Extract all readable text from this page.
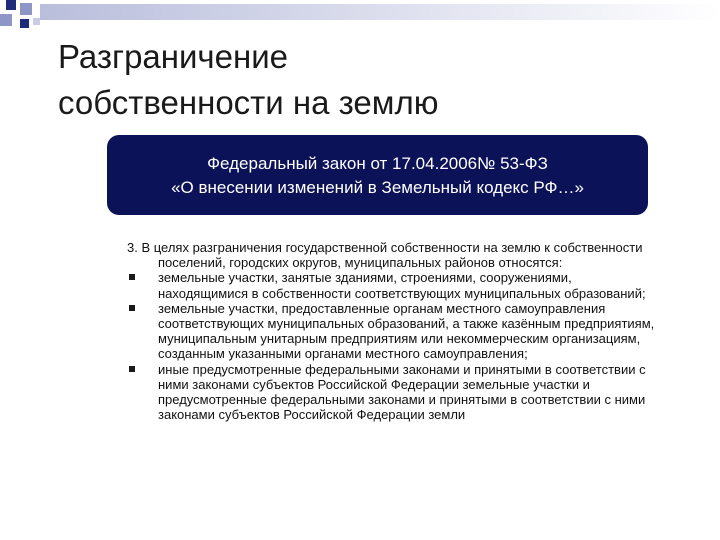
Разграничение
собственности на землю
Федеральный закон от 17.04.2006№ 53-ФЗ
«О внесении изменений в Земельный кодекс РФ…»

3. В целях разграничения государственной собственности на землю к собственности поселений, городских округов, муниципальных районов относятся:

земельные участки, занятые зданиями, строениями, сооружениями, находящимися в собственности соответствующих муниципальных образований;
земельные участки, предоставленные органам местного самоуправления соответствующих муниципальных образований, а также казённым предприятиям, муниципальным унитарным предприятиям или некоммерческим организациям, созданным указанными органами местного самоуправления;
иные предусмотренные федеральными законами и принятыми в соответствии с ними законами субъектов Российской Федерации земельные участки и предусмотренные федеральными законами и принятыми в соответствии с ними законами субъектов Российской Федерации земли
